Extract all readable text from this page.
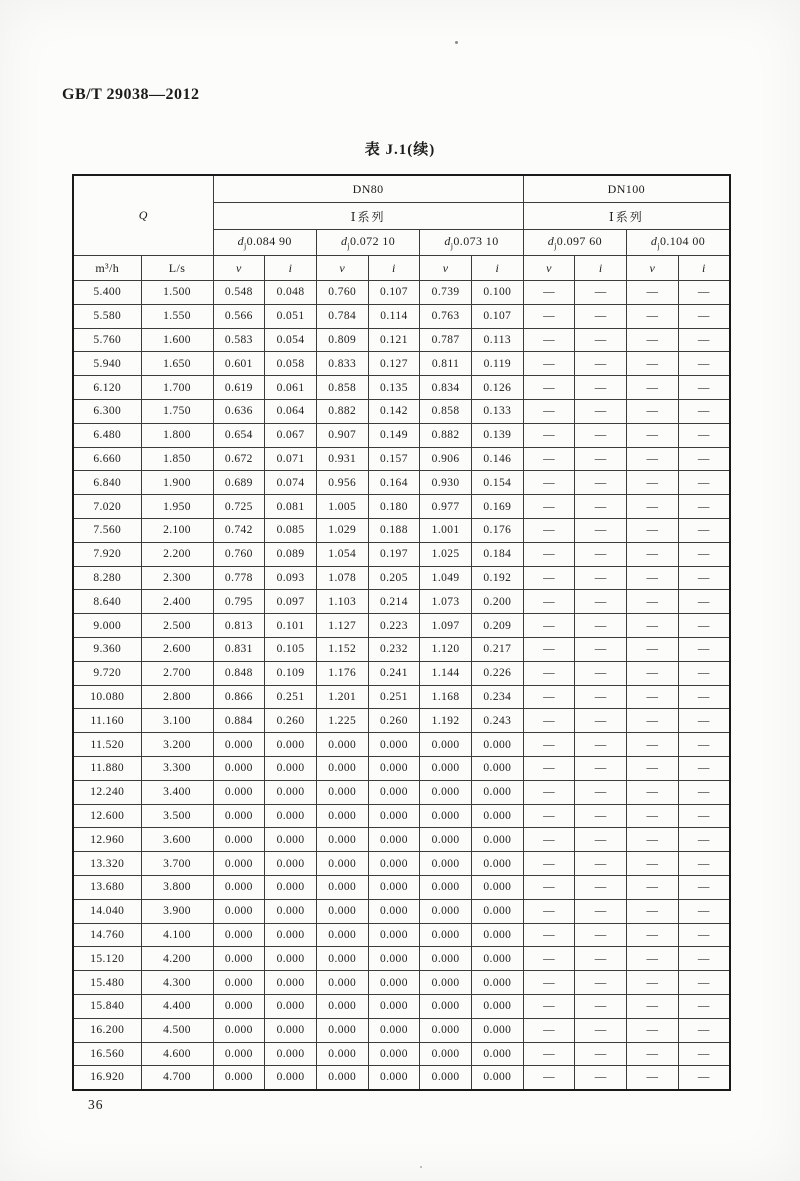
GB/T 29038—2012
表 J.1(续)
Q		DN80						DN100			
		Ⅰ系列						Ⅰ系列			
		$d_j0.084$ 90		$d_j0.072$ 10		$d_j0.073$ 10		$d_j0.097$ 60		$d_j0.104$ 00	
m³/h	L/s	v	i	v	i	v	i	v	i	v	i
5.400	1.500	0.548	0.048	0.760	0.107	0.739	0.100	—	—	—	—
5.580	1.550	0.566	0.051	0.784	0.114	0.763	0.107	—	—	—	—
5.760	1.600	0.583	0.054	0.809	0.121	0.787	0.113	—	—	—	—
5.940	1.650	0.601	0.058	0.833	0.127	0.811	0.119	—	—	—	—
6.120	1.700	0.619	0.061	0.858	0.135	0.834	0.126	—	—	—	—
6.300	1.750	0.636	0.064	0.882	0.142	0.858	0.133	—	—	—	—
6.480	1.800	0.654	0.067	0.907	0.149	0.882	0.139	—	—	—	—
6.660	1.850	0.672	0.071	0.931	0.157	0.906	0.146	—	—	—	—
6.840	1.900	0.689	0.074	0.956	0.164	0.930	0.154	—	—	—	—
7.020	1.950	0.725	0.081	1.005	0.180	0.977	0.169	—	—	—	—
7.560	2.100	0.742	0.085	1.029	0.188	1.001	0.176	—	—	—	—
7.920	2.200	0.760	0.089	1.054	0.197	1.025	0.184	—	—	—	—
8.280	2.300	0.778	0.093	1.078	0.205	1.049	0.192	—	—	—	—
8.640	2.400	0.795	0.097	1.103	0.214	1.073	0.200	—	—	—	—
9.000	2.500	0.813	0.101	1.127	0.223	1.097	0.209	—	—	—	—
9.360	2.600	0.831	0.105	1.152	0.232	1.120	0.217	—	—	—	—
9.720	2.700	0.848	0.109	1.176	0.241	1.144	0.226	—	—	—	—
10.080	2.800	0.866	0.251	1.201	0.251	1.168	0.234	—	—	—	—
11.160	3.100	0.884	0.260	1.225	0.260	1.192	0.243	—	—	—	—
11.520	3.200	0.000	0.000	0.000	0.000	0.000	0.000	—	—	—	—
11.880	3.300	0.000	0.000	0.000	0.000	0.000	0.000	—	—	—	—
12.240	3.400	0.000	0.000	0.000	0.000	0.000	0.000	—	—	—	—
12.600	3.500	0.000	0.000	0.000	0.000	0.000	0.000	—	—	—	—
12.960	3.600	0.000	0.000	0.000	0.000	0.000	0.000	—	—	—	—
13.320	3.700	0.000	0.000	0.000	0.000	0.000	0.000	—	—	—	—
13.680	3.800	0.000	0.000	0.000	0.000	0.000	0.000	—	—	—	—
14.040	3.900	0.000	0.000	0.000	0.000	0.000	0.000	—	—	—	—
14.760	4.100	0.000	0.000	0.000	0.000	0.000	0.000	—	—	—	—
15.120	4.200	0.000	0.000	0.000	0.000	0.000	0.000	—	—	—	—
15.480	4.300	0.000	0.000	0.000	0.000	0.000	0.000	—	—	—	—
15.840	4.400	0.000	0.000	0.000	0.000	0.000	0.000	—	—	—	—
16.200	4.500	0.000	0.000	0.000	0.000	0.000	0.000	—	—	—	—
16.560	4.600	0.000	0.000	0.000	0.000	0.000	0.000	—	—	—	—
16.920	4.700	0.000	0.000	0.000	0.000	0.000	0.000	—	—	—	—
36
